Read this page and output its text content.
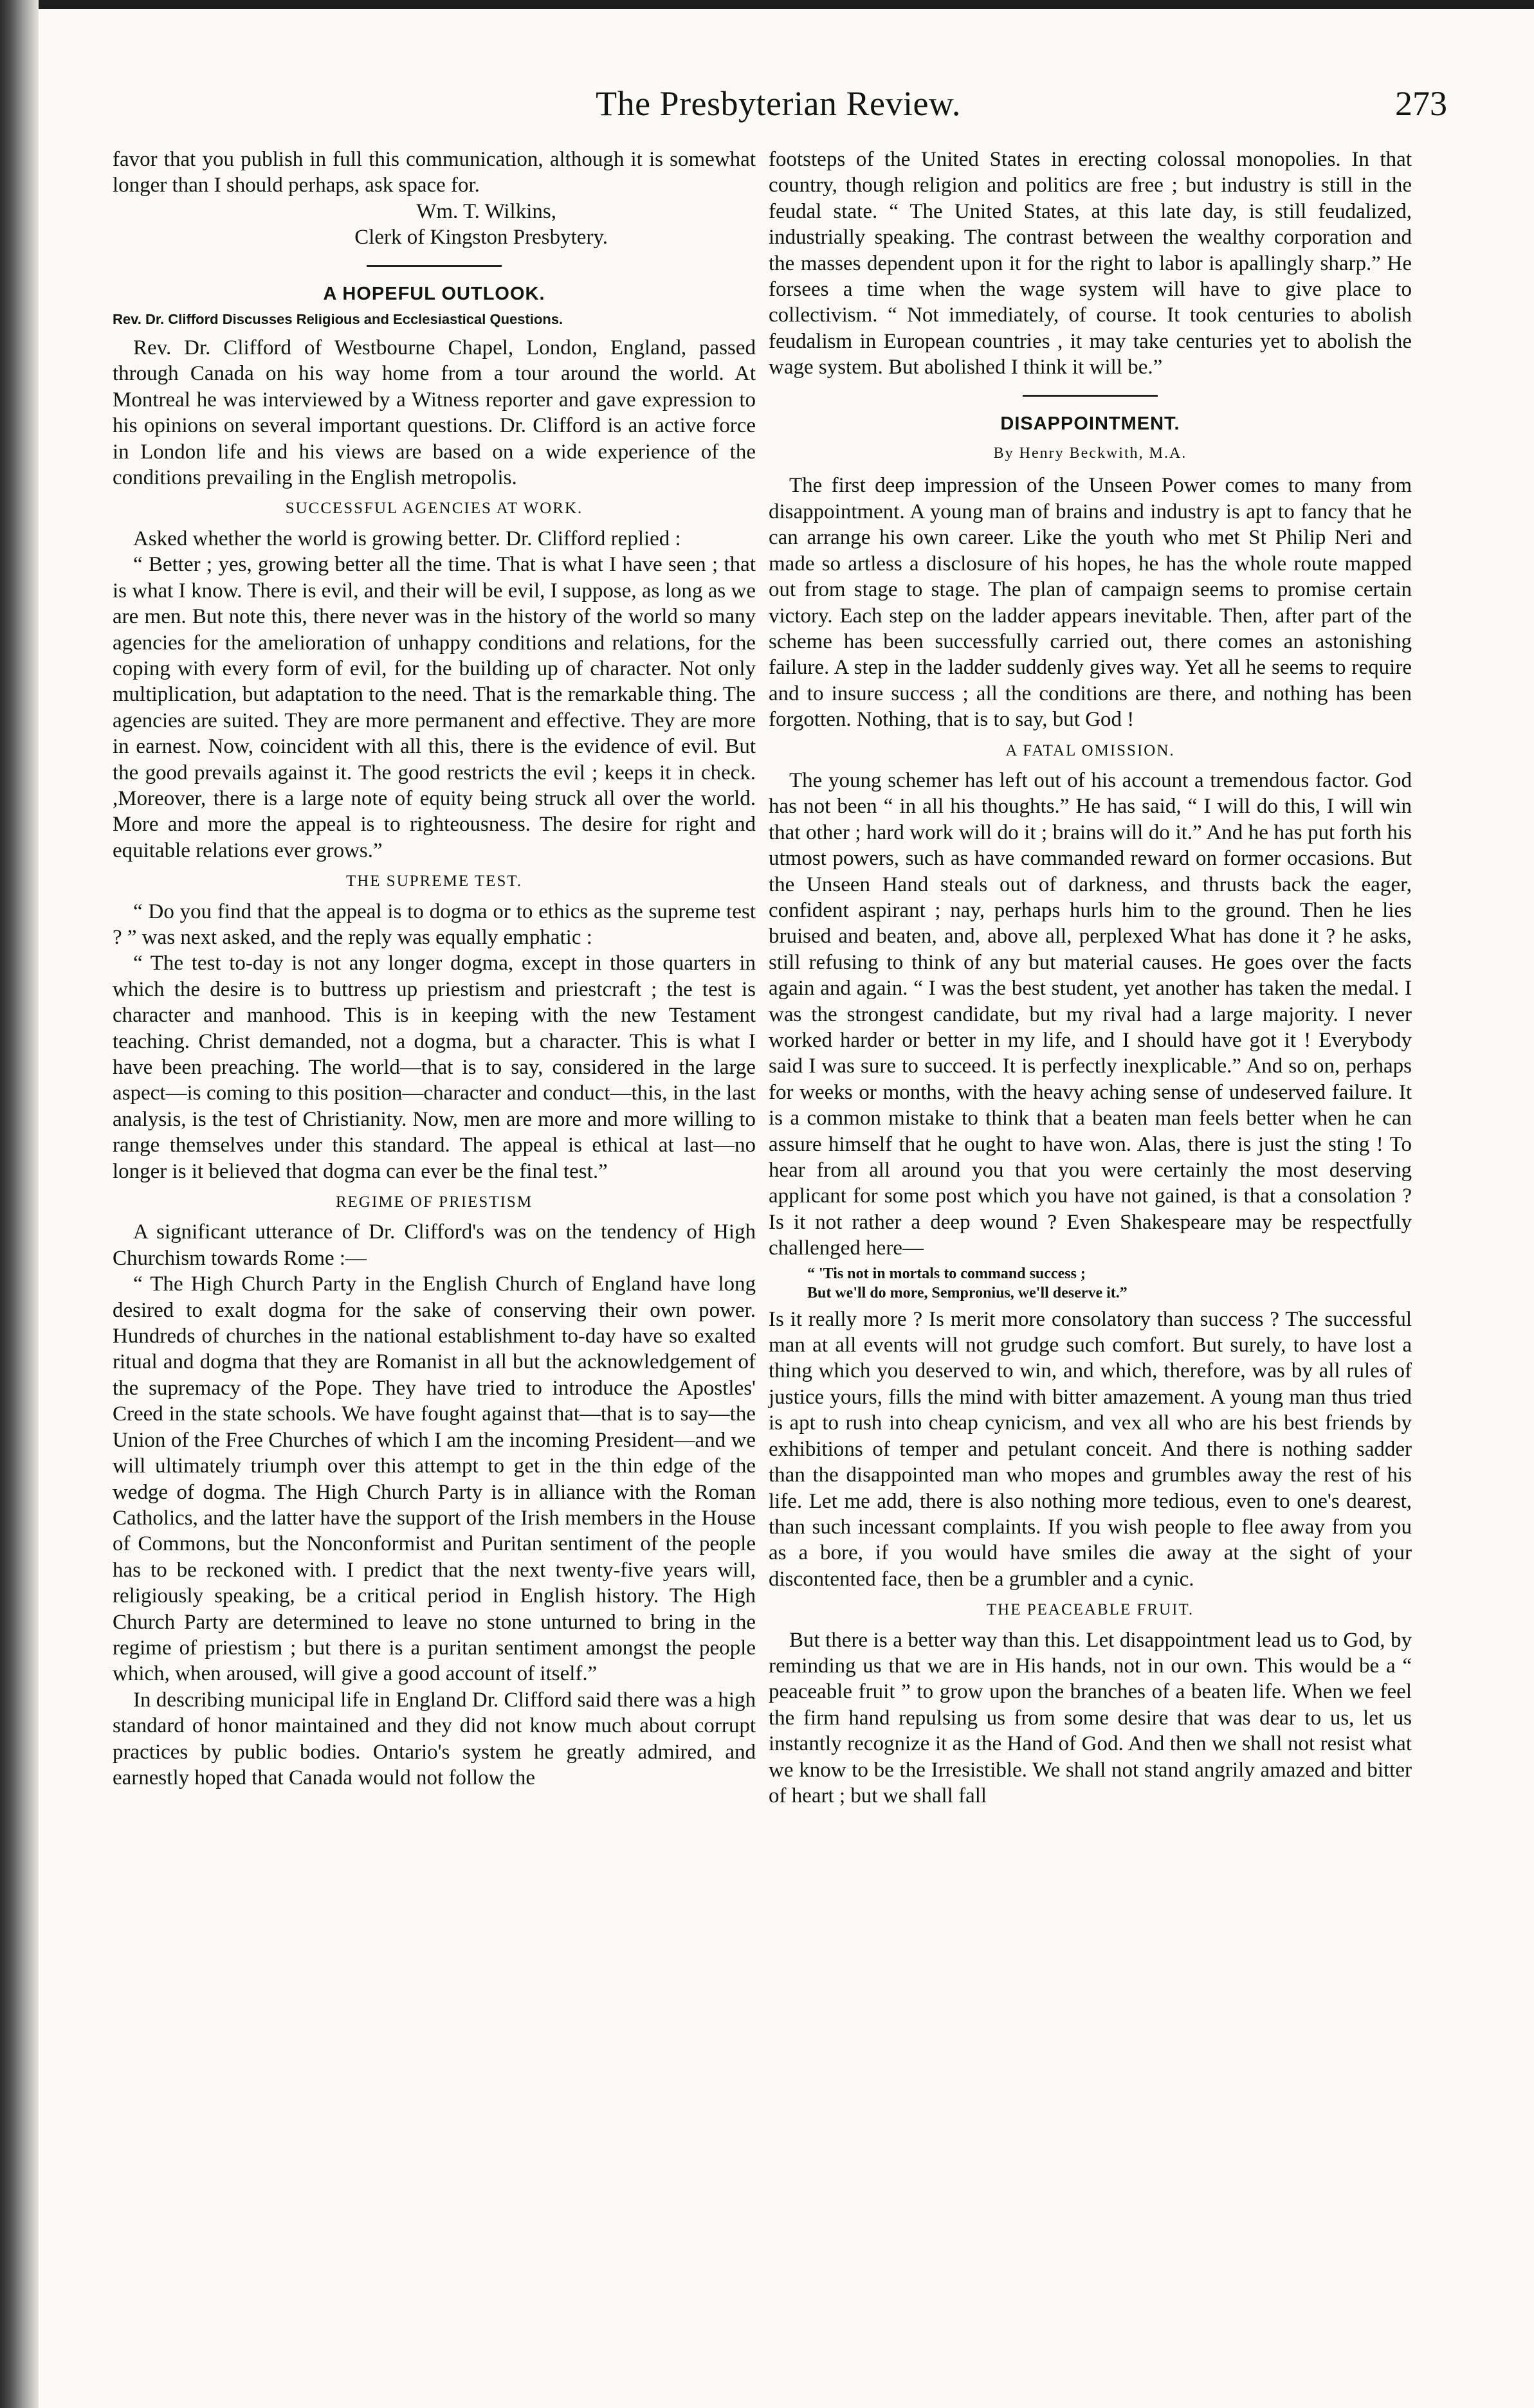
The Presbyterian Review.	273

favor that you publish in full this communication, although it is somewhat longer than I should perhaps, ask space for.

Wm. T. Wilkins,
Clerk of Kingston Presbytery.
A HOPEFUL OUTLOOK.
Rev. Dr. Clifford Discusses Religious and Ecclesiastical Questions.

Rev. Dr. Clifford of Westbourne Chapel, London, England, passed through Canada on his way home from a tour around the world. At Montreal he was interviewed by a Witness reporter and gave expression to his opinions on several important questions. Dr. Clifford is an active force in London life and his views are based on a wide experience of the conditions prevailing in the English metropolis.

SUCCESSFUL AGENCIES AT WORK.

Asked whether the world is growing better. Dr. Clifford replied :

“ Better ; yes, growing better all the time. That is what I have seen ; that is what I know. There is evil, and their will be evil, I suppose, as long as we are men. But note this, there never was in the history of the world so many agencies for the amelioration of unhappy conditions and relations, for the coping with every form of evil, for the building up of character. Not only multiplication, but adaptation to the need. That is the remarkable thing. The agencies are suited. They are more permanent and effective. They are more in earnest. Now, coincident with all this, there is the evidence of evil. But the good prevails against it. The good restricts the evil ; keeps it in check. ,Moreover, there is a large note of equity being struck all over the world. More and more the appeal is to righteousness. The desire for right and equitable relations ever grows.”

THE SUPREME TEST.

“ Do you find that the appeal is to dogma or to ethics as the supreme test ? ” was next asked, and the reply was equally emphatic :

“ The test to-day is not any longer dogma, except in those quarters in which the desire is to buttress up priestism and priestcraft ; the test is character and manhood. This is in keeping with the new Testament teaching. Christ demanded, not a dogma, but a character. This is what I have been preaching. The world—that is to say, considered in the large aspect—is coming to this position—character and conduct—this, in the last analysis, is the test of Christianity. Now, men are more and more willing to range themselves under this standard. The appeal is ethical at last—no longer is it believed that dogma can ever be the final test.”

REGIME OF PRIESTISM

A significant utterance of Dr. Clifford's was on the tendency of High Churchism towards Rome :—

“ The High Church Party in the English Church of England have long desired to exalt dogma for the sake of conserving their own power. Hundreds of churches in the national establishment to-day have so exalted ritual and dogma that they are Romanist in all but the acknowledgement of the supremacy of the Pope. They have tried to introduce the Apostles' Creed in the state schools. We have fought against that—that is to say—the Union of the Free Churches of which I am the incoming President—and we will ultimately triumph over this attempt to get in the thin edge of the wedge of dogma. The High Church Party is in alliance with the Roman Catholics, and the latter have the support of the Irish members in the House of Commons, but the Nonconformist and Puritan sentiment of the people has to be reckoned with. I predict that the next twenty-five years will, religiously speaking, be a critical period in English history. The High Church Party are determined to leave no stone unturned to bring in the regime of priestism ; but there is a puritan sentiment amongst the people which, when aroused, will give a good account of itself.”

In describing municipal life in England Dr. Clifford said there was a high standard of honor maintained and they did not know much about corrupt practices by public bodies. Ontario's system he greatly admired, and earnestly hoped that Canada would not follow the

footsteps of the United States in erecting colossal monopolies. In that country, though religion and politics are free ; but industry is still in the feudal state. “ The United States, at this late day, is still feudalized, industrially speaking. The contrast between the wealthy corporation and the masses dependent upon it for the right to labor is apallingly sharp.” He forsees a time when the wage system will have to give place to collectivism. “ Not immediately, of course. It took centuries to abolish feudalism in European countries , it may take centuries yet to abolish the wage system. But abolished I think it will be.”

DISAPPOINTMENT.
By Henry Beckwith, M.A.

The first deep impression of the Unseen Power comes to many from disappointment. A young man of brains and industry is apt to fancy that he can arrange his own career. Like the youth who met St Philip Neri and made so artless a disclosure of his hopes, he has the whole route mapped out from stage to stage. The plan of campaign seems to promise certain victory. Each step on the ladder appears inevitable. Then, after part of the scheme has been successfully carried out, there comes an astonishing failure. A step in the ladder suddenly gives way. Yet all he seems to require and to insure success ; all the conditions are there, and nothing has been forgotten. Nothing, that is to say, but God !

A FATAL OMISSION.

The young schemer has left out of his account a tremendous factor. God has not been “ in all his thoughts.” He has said, “ I will do this, I will win that other ; hard work will do it ; brains will do it.” And he has put forth his utmost powers, such as have commanded reward on former occasions. But the Unseen Hand steals out of darkness, and thrusts back the eager, confident aspirant ; nay, perhaps hurls him to the ground. Then he lies bruised and beaten, and, above all, perplexed What has done it ? he asks, still refusing to think of any but material causes. He goes over the facts again and again. “ I was the best student, yet another has taken the medal. I was the strongest candidate, but my rival had a large majority. I never worked harder or better in my life, and I should have got it ! Everybody said I was sure to succeed. It is perfectly inexplicable.” And so on, perhaps for weeks or months, with the heavy aching sense of undeserved failure. It is a common mistake to think that a beaten man feels better when he can assure himself that he ought to have won. Alas, there is just the sting ! To hear from all around you that you were certainly the most deserving applicant for some post which you have not gained, is that a consolation ? Is it not rather a deep wound ? Even Shakespeare may be respectfully challenged here—

“ 'Tis not in mortals to command success ;
But we'll do more, Sempronius, we'll deserve it.”

Is it really more ? Is merit more consolatory than success ? The successful man at all events will not grudge such comfort. But surely, to have lost a thing which you deserved to win, and which, therefore, was by all rules of justice yours, fills the mind with bitter amazement. A young man thus tried is apt to rush into cheap cynicism, and vex all who are his best friends by exhibitions of temper and petulant conceit. And there is nothing sadder than the disappointed man who mopes and grumbles away the rest of his life. Let me add, there is also nothing more tedious, even to one's dearest, than such incessant complaints. If you wish people to flee away from you as a bore, if you would have smiles die away at the sight of your discontented face, then be a grumbler and a cynic.

THE PEACEABLE FRUIT.

But there is a better way than this. Let disappointment lead us to God, by reminding us that we are in His hands, not in our own. This would be a “ peaceable fruit ” to grow upon the branches of a beaten life. When we feel the firm hand repulsing us from some desire that was dear to us, let us instantly recognize it as the Hand of God. And then we shall not resist what we know to be the Irresistible. We shall not stand angrily amazed and bitter of heart ; but we shall fall
